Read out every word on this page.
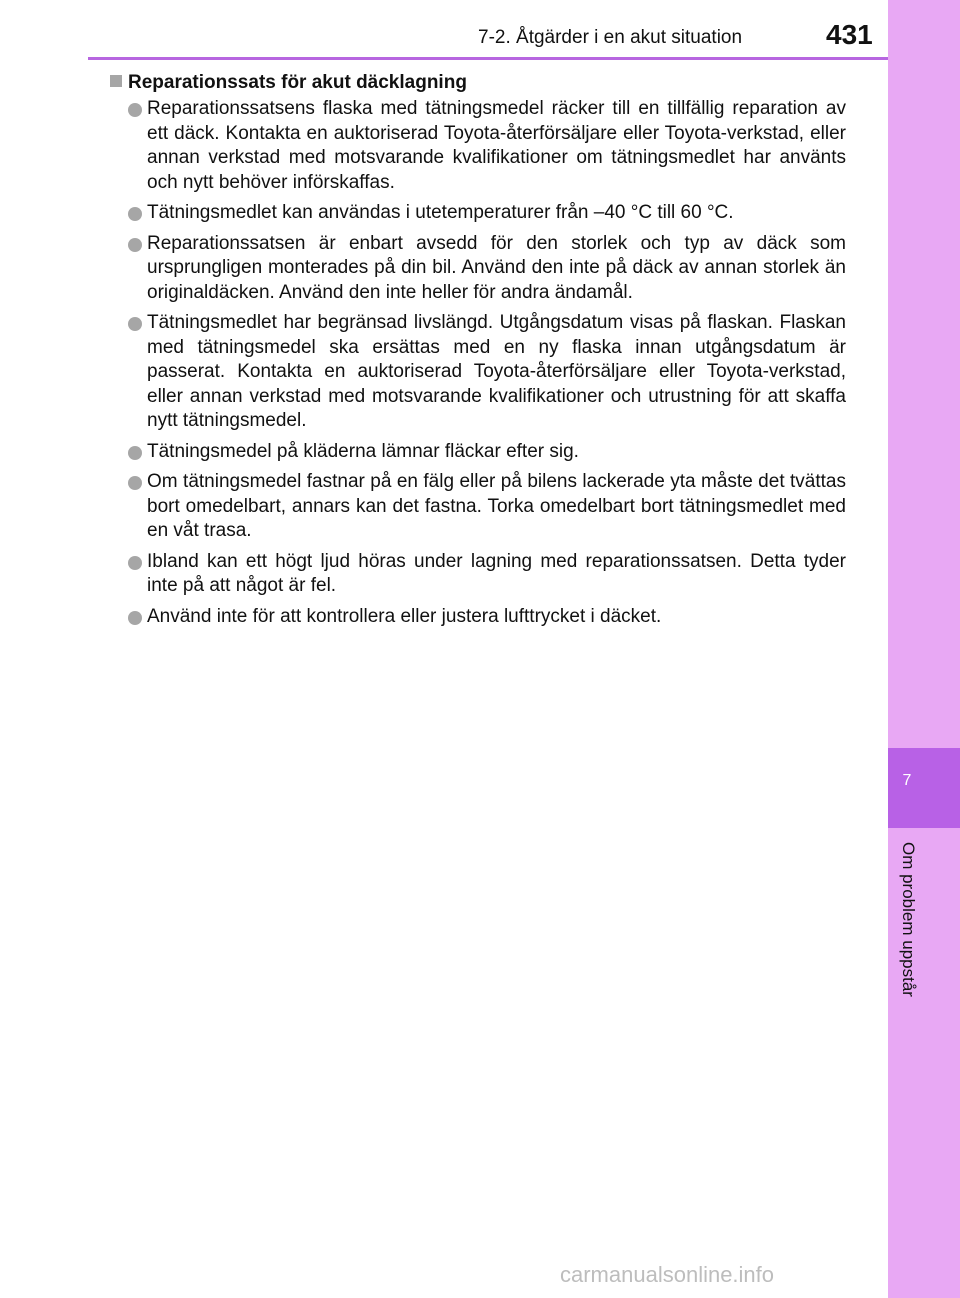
7
Om problem uppstår
7-2. Åtgärder i en akut situation	431
Reparationssats för akut däcklagning
Reparationssatsens flaska med tätningsmedel räcker till en tillfällig reparation av ett däck. Kontakta en auktoriserad Toyota-återförsäljare eller Toyota-verkstad, eller annan verkstad med motsvarande kvalifikationer om tätningsmedlet har använts och nytt behöver införskaffas.
Tätningsmedlet kan användas i utetemperaturer från –40 °C till 60 °C.
Reparationssatsen är enbart avsedd för den storlek och typ av däck som ursprungligen monterades på din bil. Använd den inte på däck av annan storlek än originaldäcken. Använd den inte heller för andra ändamål.
Tätningsmedlet har begränsad livslängd. Utgångsdatum visas på flaskan. Flaskan med tätningsmedel ska ersättas med en ny flaska innan utgångsdatum är passerat. Kontakta en auktoriserad Toyota-återförsäljare eller Toyota-verkstad, eller annan verkstad med motsvarande kvalifikationer och utrustning för att skaffa nytt tätningsmedel.
Tätningsmedel på kläderna lämnar fläckar efter sig.
Om tätningsmedel fastnar på en fälg eller på bilens lackerade yta måste det tvättas bort omedelbart, annars kan det fastna. Torka omedelbart bort tätningsmedlet med en våt trasa.
Ibland kan ett högt ljud höras under lagning med reparationssatsen. Detta tyder inte på att något är fel.
Använd inte för att kontrollera eller justera lufttrycket i däcket.
carmanualsonline.info
